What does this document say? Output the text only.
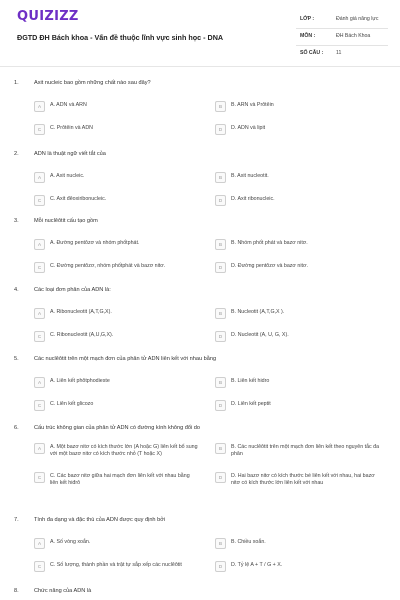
QUIZIZZ
ĐGTD ĐH Bách khoa - Vấn đề thuộc lĩnh vực sinh học - DNA
LỚP :	Đánh giá năng lực
MÔN :	ĐH Bách Khoa
SỐ CÂU : 11
1.	Axit nucleic bao gồm những chất nào sau đây?
A	A. ADN và ARN	B	B. ARN và Prôtêin
C	C. Prôtêin và ADN	D	D. ADN và lipit
2.	ADN là thuật ngữ viết tắt của
A	A. Axit nucleic.	B	B. Axit nucleotit.
C	C. Axit đêoxiribonucleic.	D	D. Axit ribonucleic.
3.	Mỗi nuclêôtit cấu tạo gồm
A	A. Đường pentôzơ và nhóm phốtphát.	B	B. Nhóm phốt phát và bazơ nitơ.
C	C. Đường pentôzơ, nhóm phốtphát và bazơ nitơ.	D	D. Đường pentôzơ và bazơ nitơ.
4.	Các loại đơn phân của ADN là:
A	A. Ribonucleotit (A,T,G,X).	B	B. Nucleotit (A,T,G,X ).
C	C. Ribonucleotit (A,U,G,X).	D	D. Nucleotit (A, U, G, X).
5.	Các nuclêôtit trên một mạch đơn của phân tử ADN liên kết với nhau bằng
A	A. Liên kết phôtphodieste	B	B. Liên kết hidro
C	C. Liên kết glicozo	D	D. Liên kết peptit
6.	Cấu trúc không gian của phân tử ADN có đường kính không đổi do
A	A. Một bazơ nitơ có kích thước lớn (A hoặc G) liên kết bổ sung với một bazơ nitơ có kích thước nhỏ (T hoặc X)
B	B. Các nuclêôtit trên một mạch đơn liên kết theo nguyên tắc đa phân
C	C. Các bazơ nitơ giữa hai mạch đơn liên kết với nhau bằng liên kết hiđrô
D	D. Hai bazơ nitơ có kích thước bé liên kết với nhau, hai bazơ nitơ có kích thước lớn liên kết với nhau
7.	Tính đa dạng và đặc thù của ADN được quy định bởi
A	A. Số vòng xoắn.	B	B. Chiều xoắn.
C	C. Số lượng, thành phần và trật tự sắp xếp các nuclêôtit	D	D. Tỷ lệ A + T / G + X.
8.	Chức năng của ADN là
